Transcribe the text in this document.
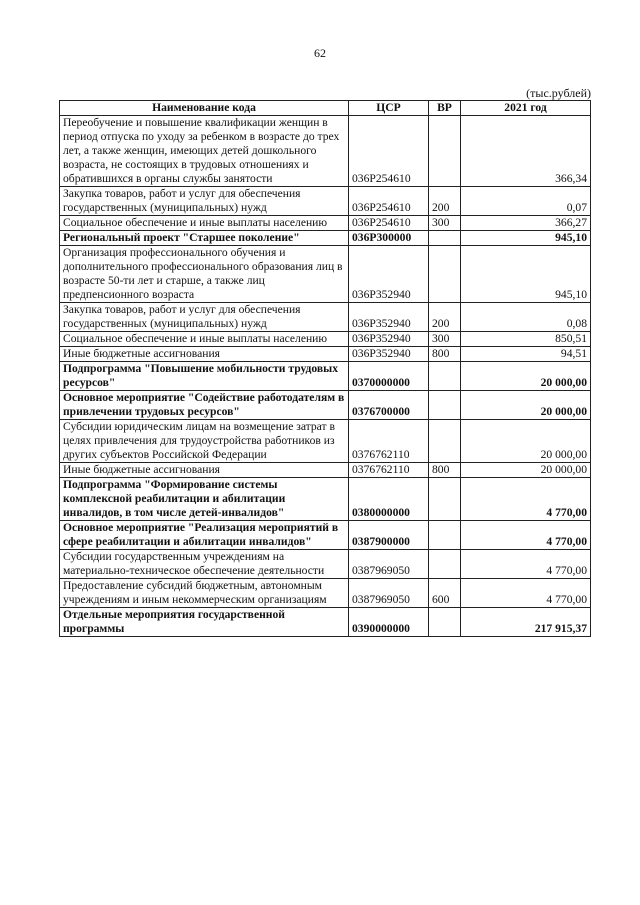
62
(тыс.рублей)
Наименование кода	ЦСР	ВР	2021 год
Переобучение и повышение квалификации женщин в период отпуска по уходу за ребенком в возрасте до трех лет, а также женщин, имеющих детей дошкольного возраста, не состоящих в трудовых отношениях и обратившихся в органы службы занятости	036P254610		366,34
Закупка товаров, работ и услуг для обеспечения государственных (муниципальных) нужд	036P254610	200	0,07
Социальное обеспечение и иные выплаты населению	036P254610	300	366,27
Региональный проект "Старшее поколение"	036P300000		945,10
Организация профессионального обучения и дополнительного профессионального образования лиц в возрасте 50-ти лет и старше, а также лиц предпенсионного возраста	036P352940		945,10
Закупка товаров, работ и услуг для обеспечения государственных (муниципальных) нужд	036P352940	200	0,08
Социальное обеспечение и иные выплаты населению	036P352940	300	850,51
Иные бюджетные ассигнования	036P352940	800	94,51
Подпрограмма "Повышение мобильности трудовых ресурсов"	0370000000		20 000,00
Основное мероприятие "Содействие работодателям в привлечении трудовых ресурсов"	0376700000		20 000,00
Субсидии юридическим лицам на возмещение затрат в целях привлечения для трудоустройства работников из других субъектов Российской Федерации	0376762110		20 000,00
Иные бюджетные ассигнования	0376762110	800	20 000,00
Подпрограмма "Формирование системы комплексной реабилитации и абилитации инвалидов, в том числе детей-инвалидов"	0380000000		4 770,00
Основное мероприятие "Реализация мероприятий в сфере реабилитации и абилитации инвалидов"	0387900000		4 770,00
Субсидии государственным учреждениям на материально-техническое обеспечение деятельности	0387969050		4 770,00
Предоставление субсидий бюджетным, автономным учреждениям и иным некоммерческим организациям	0387969050	600	4 770,00
Отдельные мероприятия государственной программы	0390000000		217 915,37
